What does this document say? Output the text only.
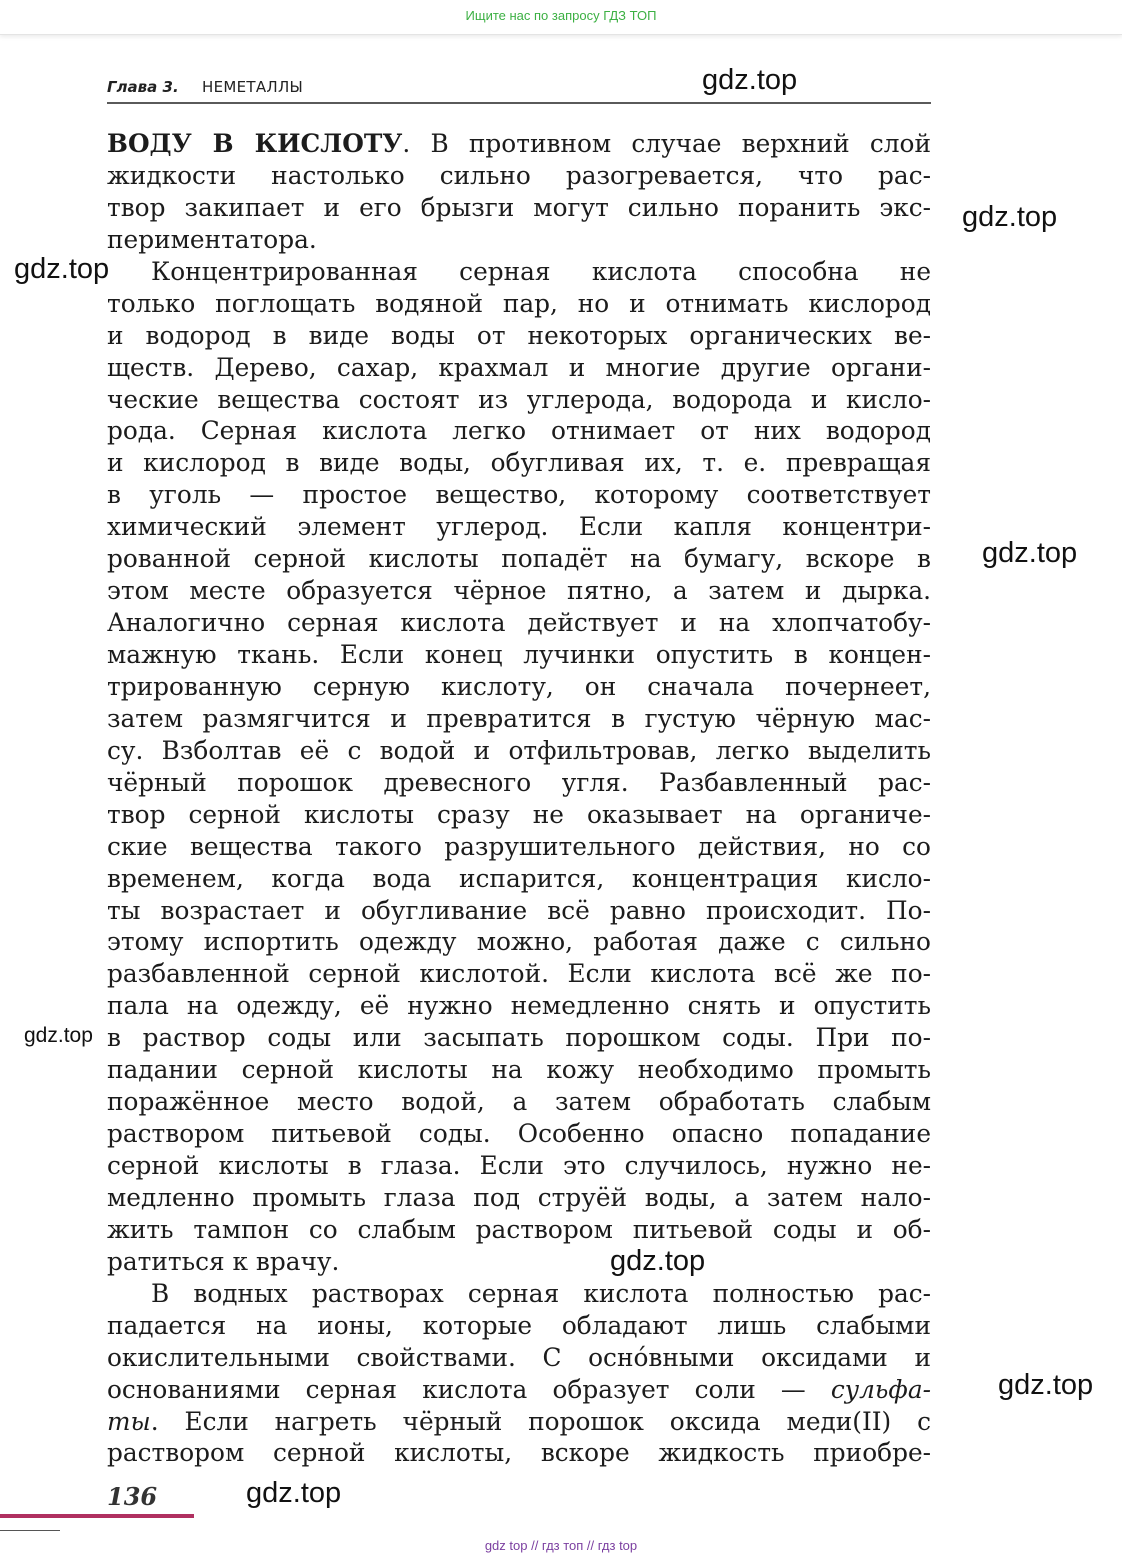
Ищите нас по запросу ГДЗ ТОП
Глава 3. НЕМЕТАЛЛЫ
ВОДУ В КИСЛОТУ. В противном случае верхний слой
жидкости настолько сильно разогревается, что рас-
твор закипает и его брызги могут сильно поранить экс-
периментатора.
Концентрированная серная кислота способна не
только поглощать водяной пар, но и отнимать кислород
и водород в виде воды от некоторых органических ве-
ществ. Дерево, сахар, крахмал и многие другие органи-
ческие вещества состоят из углерода, водорода и кисло-
рода. Серная кислота легко отнимает от них водород
и кислород в виде воды, обугливая их, т. е. превращая
в уголь — простое вещество, которому соответствует
химический элемент углерод. Если капля концентри-
рованной серной кислоты попадёт на бумагу, вскоре в
этом месте образуется чёрное пятно, а затем и дырка.
Аналогично серная кислота действует и на хлопчатобу-
мажную ткань. Если конец лучинки опустить в концен-
трированную серную кислоту, он сначала почернеет,
затем размягчится и превратится в густую чёрную мас-
су. Взболтав её с водой и отфильтровав, легко выделить
чёрный порошок древесного угля. Разбавленный рас-
твор серной кислоты сразу не оказывает на органиче-
ские вещества такого разрушительного действия, но со
временем, когда вода испарится, концентрация кисло-
ты возрастает и обугливание всё равно происходит. По-
этому испортить одежду можно, работая даже с сильно
разбавленной серной кислотой. Если кислота всё же по-
пала на одежду, её нужно немедленно снять и опустить
в раствор соды или засыпать порошком соды. При по-
падании серной кислоты на кожу необходимо промыть
поражённое место водой, а затем обработать слабым
раствором питьевой соды. Особенно опасно попадание
серной кислоты в глаза. Если это случилось, нужно не-
медленно промыть глаза под струёй воды, а затем нало-
жить тампон со слабым раствором питьевой соды и об-
ратиться к врачу.
В водных растворах серная кислота полностью рас-
падается на ионы, которые обладают лишь слабыми
окислительными свойствами. С осно́вными оксидами и
основаниями серная кислота образует соли — сульфа-
ты. Если нагреть чёрный порошок оксида меди(II) с
раствором серной кислоты, вскоре жидкость приобре-
136
gdz.top
gdz.top
gdz.top
gdz.top
gdz.top
gdz.top
gdz.top
gdz.top
gdz top // гдз топ // гдз top
